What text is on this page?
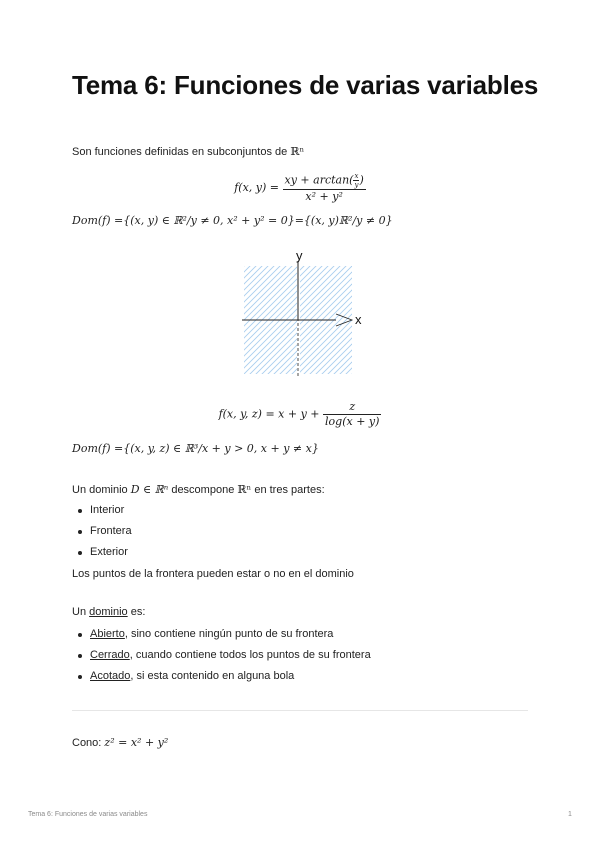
Tema 6: Funciones de varias variables
Son funciones definidas en subconjuntos de ℝⁿ
f(x, $y) = \frac{xy + \arctan( \frac{x}{y} )}{\text{x² + y²}}$
Dom(f) ={(x, y) ∈ ℝ²/y ≠ 0, x² + y² = 0}={(x, y)ℝ²/y ≠ 0}
y
x
f(x, y, $z) = x + y + \frac{z}{\log(x + y)}$
Dom(f) ={(x, y, z) ∈ ℝ³/x + y > 0, x + y ≠ x}
Un dominio D ∈ ℝⁿ descompone ℝⁿ en tres partes:
Interior
Frontera
Exterior
Los puntos de la frontera pueden estar o no en el dominio
Un dominio es:
Abierto, sino contiene ningún punto de su frontera
Cerrado, cuando contiene todos los puntos de su frontera
Acotado, si esta contenido en alguna bola
Cono: z² = x² + y²
Tema 6: Funciones de varias variables	1
